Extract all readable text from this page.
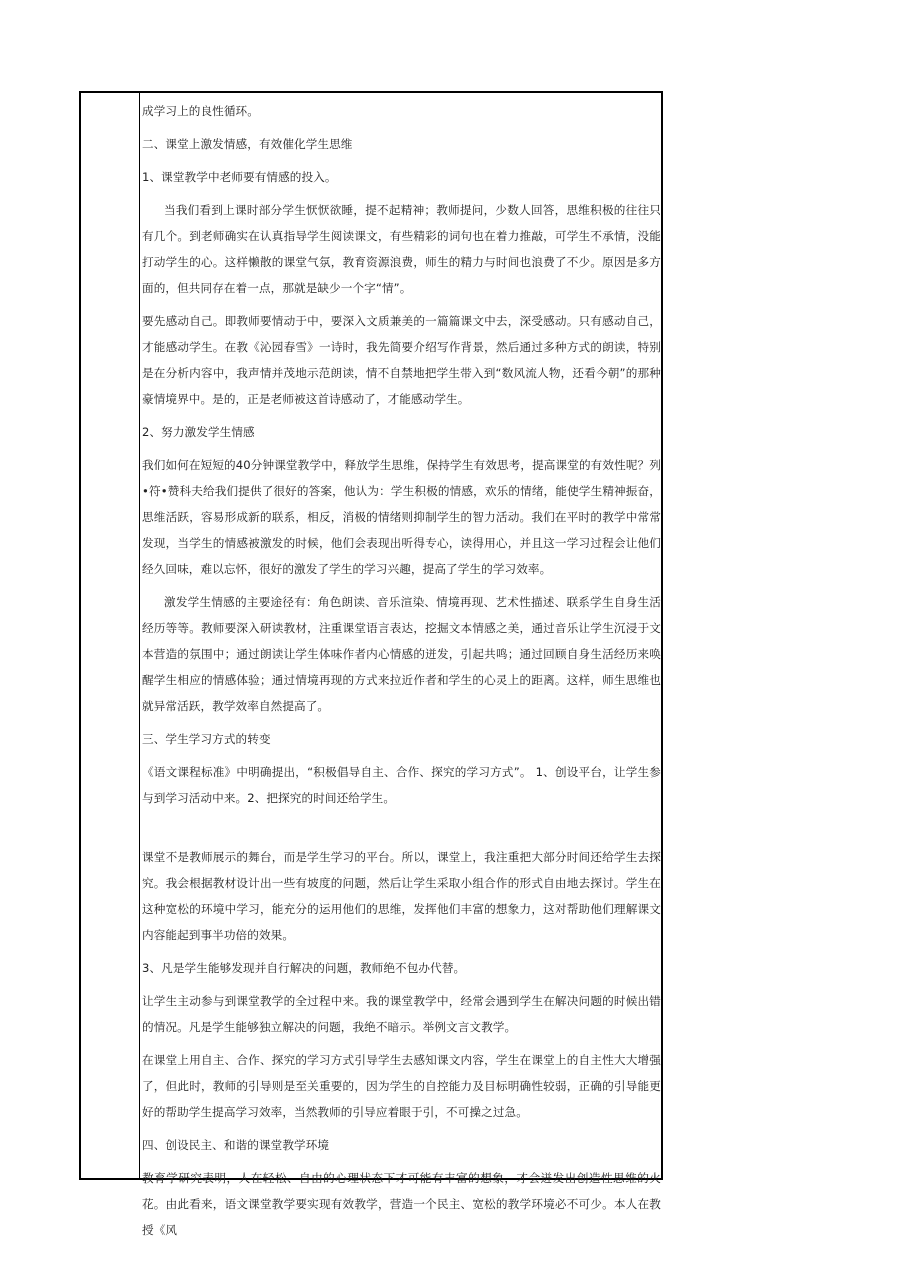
成学习上的良性循环。

二、课堂上激发情感，有效催化学生思维

1、课堂教学中老师要有情感的投入。

当我们看到上课时部分学生恹恹欲睡，提不起精神；教师提问，少数人回答，思维积极的往往只有几个。到老师确实在认真指导学生阅读课文，有些精彩的词句也在着力推敲，可学生不承情，没能打动学生的心。这样懒散的课堂气氛，教育资源浪费，师生的精力与时间也浪费了不少。原因是多方面的，但共同存在着一点，那就是缺少一个字“情”。

要先感动自己。即教师要情动于中，要深入文质兼美的一篇篇课文中去，深受感动。只有感动自己，才能感动学生。在教《沁园春雪》一诗时，我先简要介绍写作背景，然后通过多种方式的朗读，特别是在分析内容中，我声情并茂地示范朗读，情不自禁地把学生带入到“数风流人物，还看今朝”的那种豪情境界中。是的，正是老师被这首诗感动了，才能感动学生。

2、努力激发学生情感

我们如何在短短的40分钟课堂教学中，释放学生思维，保持学生有效思考，提高课堂的有效性呢？列•符•赞科夫给我们提供了很好的答案，他认为：学生积极的情感，欢乐的情绪，能使学生精神振奋，思维活跃，容易形成新的联系，相反，消极的情绪则抑制学生的智力活动。我们在平时的教学中常常发现，当学生的情感被激发的时候，他们会表现出听得专心，读得用心，并且这一学习过程会让他们经久回味，难以忘怀，很好的激发了学生的学习兴趣，提高了学生的学习效率。

激发学生情感的主要途径有：角色朗读、音乐渲染、情境再现、艺术性描述、联系学生自身生活经历等等。教师要深入研读教材，注重课堂语言表达，挖掘文本情感之美，通过音乐让学生沉浸于文本营造的氛围中；通过朗读让学生体味作者内心情感的迸发，引起共鸣；通过回顾自身生活经历来唤醒学生相应的情感体验；通过情境再现的方式来拉近作者和学生的心灵上的距离。这样，师生思维也就异常活跃，教学效率自然提高了。

三、学生学习方式的转变

《语文课程标准》中明确提出，“积极倡导自主、合作、探究的学习方式”。 1、创设平台，让学生参与到学习活动中来。2、把探究的时间还给学生。

课堂不是教师展示的舞台，而是学生学习的平台。所以，课堂上，我注重把大部分时间还给学生去探究。我会根据教材设计出一些有坡度的问题，然后让学生采取小组合作的形式自由地去探讨。学生在这种宽松的环境中学习，能充分的运用他们的思维，发挥他们丰富的想象力，这对帮助他们理解课文内容能起到事半功倍的效果。

3、凡是学生能够发现并自行解决的问题，教师绝不包办代替。

让学生主动参与到课堂教学的全过程中来。我的课堂教学中，经常会遇到学生在解决问题的时候出错的情况。凡是学生能够独立解决的问题，我绝不暗示。举例文言文教学。

在课堂上用自主、合作、探究的学习方式引导学生去感知课文内容，学生在课堂上的自主性大大增强了，但此时，教师的引导则是至关重要的，因为学生的自控能力及目标明确性较弱，正确的引导能更好的帮助学生提高学习效率，当然教师的引导应着眼于引，不可操之过急。

四、创设民主、和谐的课堂教学环境

教育学研究表明，人在轻松、自由的心理状态下才可能有丰富的想象，才会迸发出创造性思维的火花。由此看来，语文课堂教学要实现有效教学，营造一个民主、宽松的教学环境必不可少。本人在教授《风
